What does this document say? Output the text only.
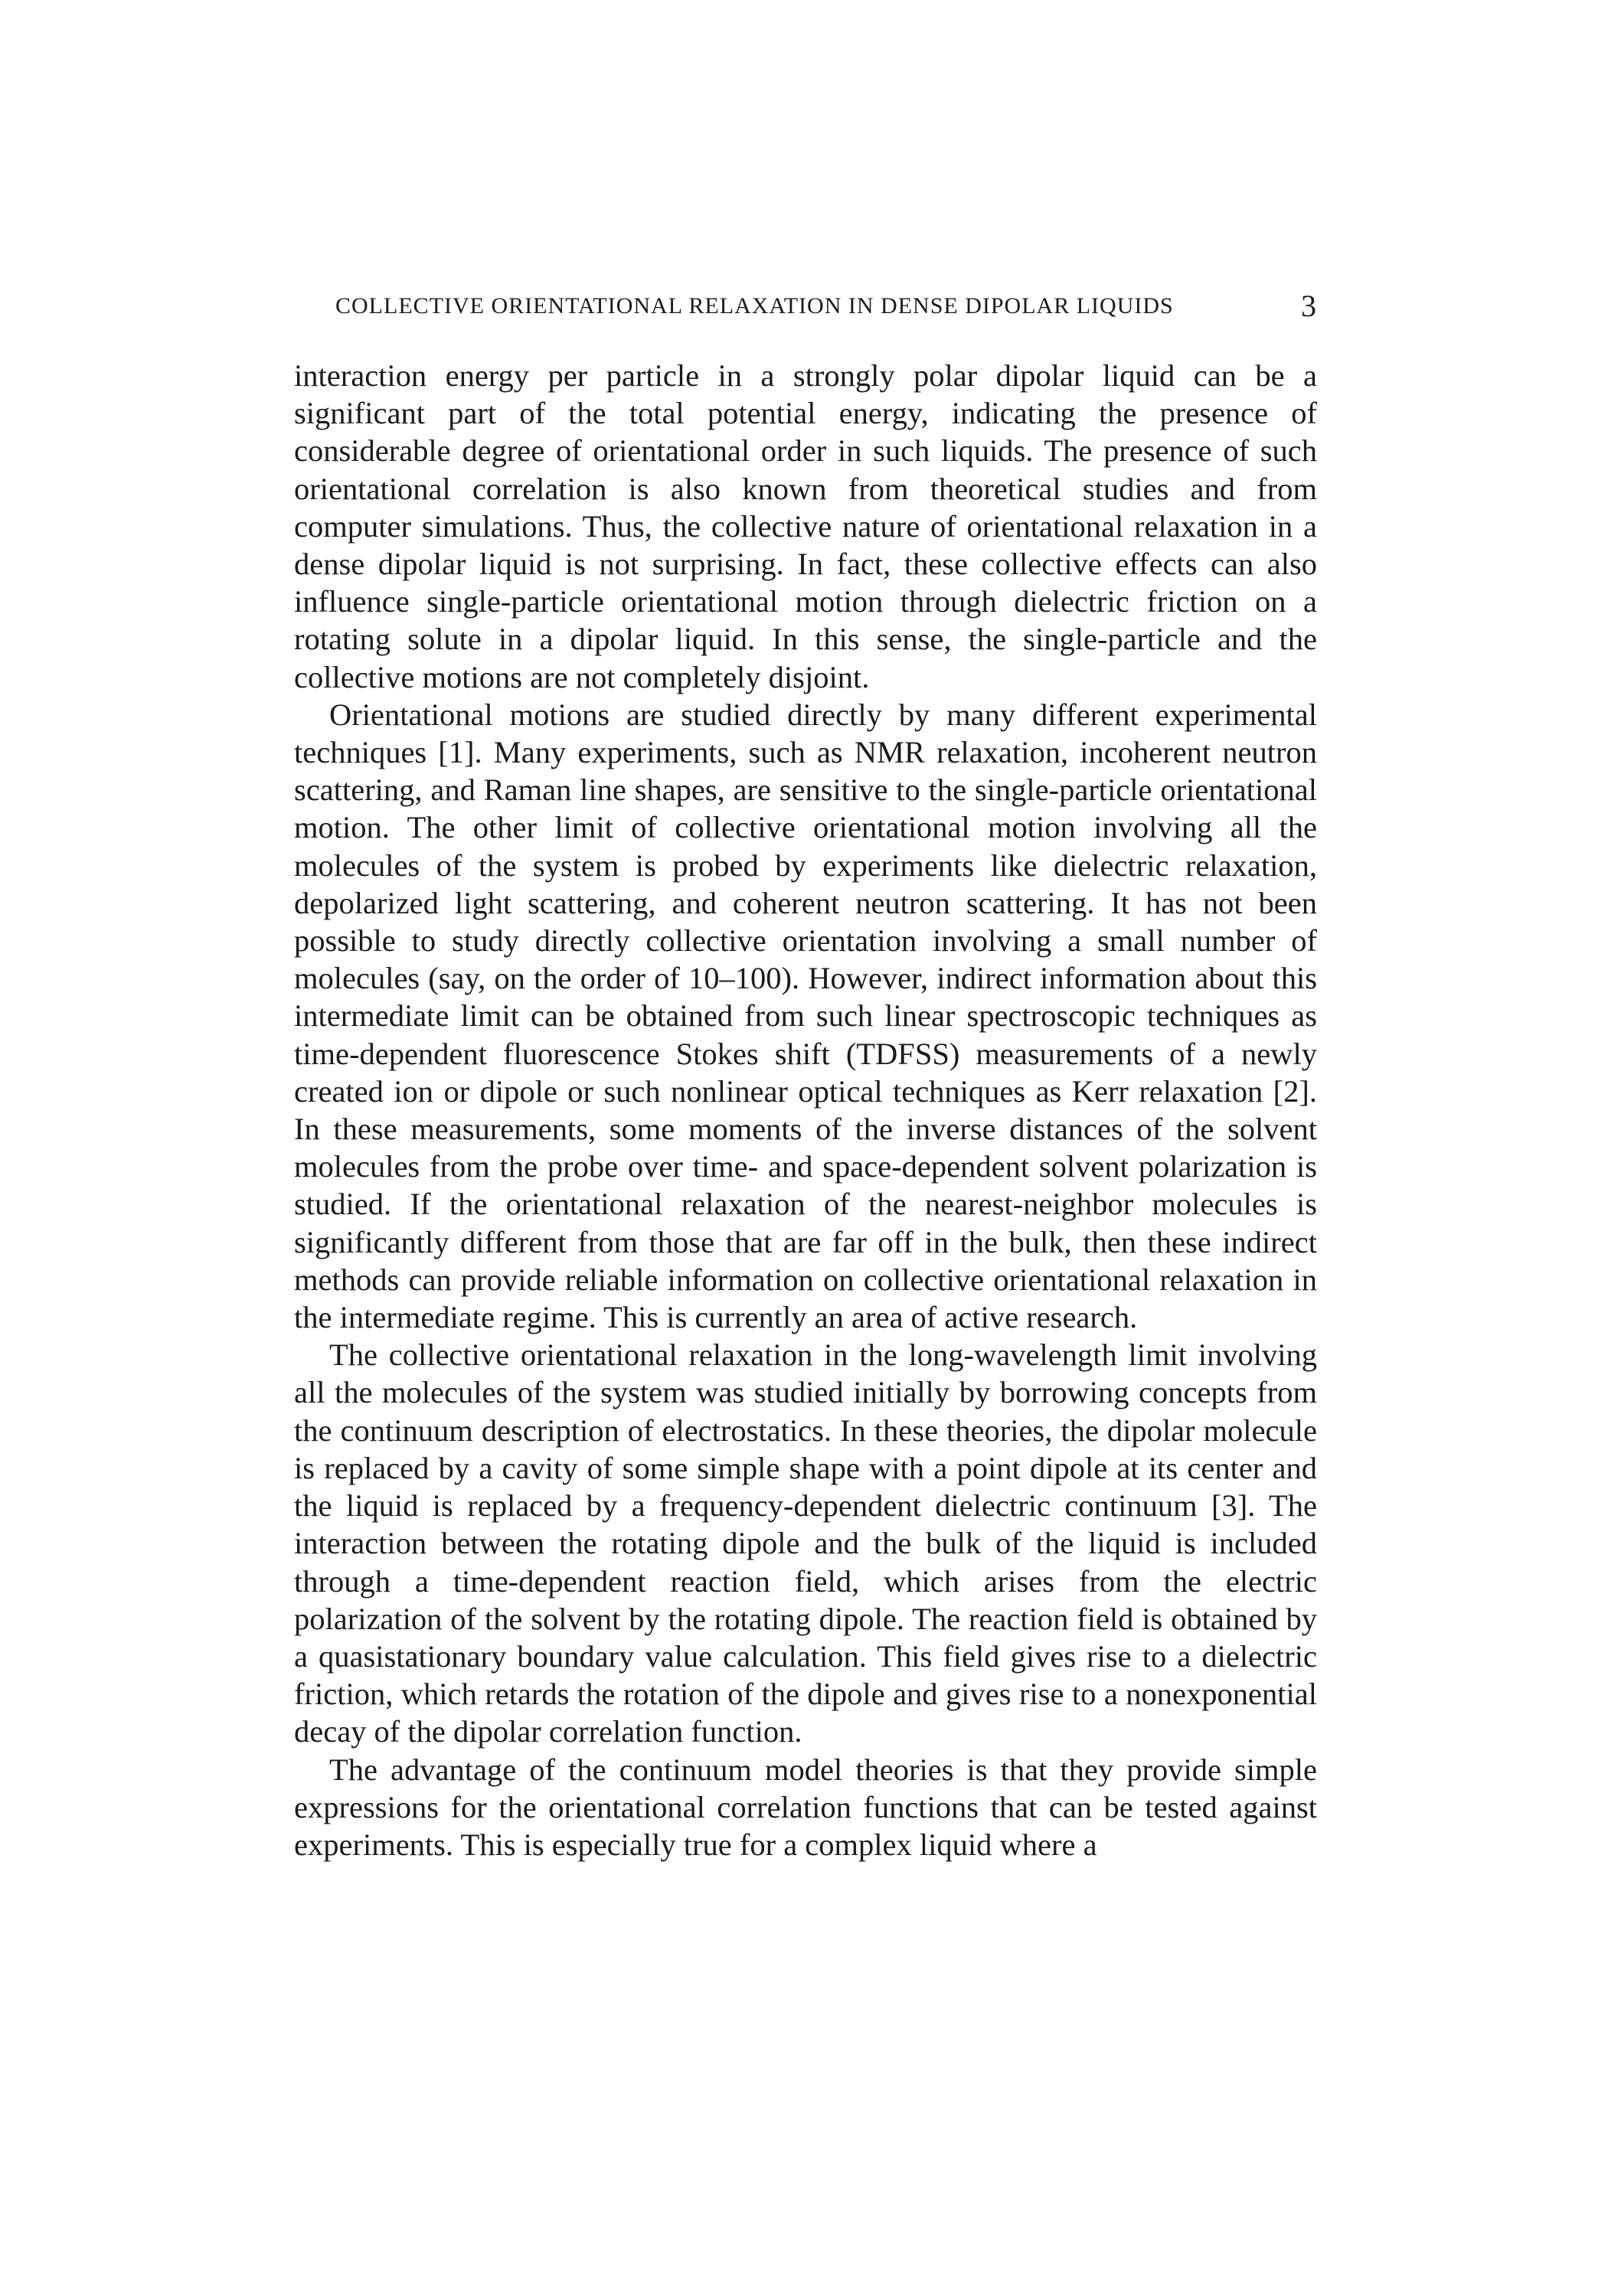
COLLECTIVE ORIENTATIONAL RELAXATION IN DENSE DIPOLAR LIQUIDS	3

interaction energy per particle in a strongly polar dipolar liquid can be a significant part of the total potential energy, indicating the presence of considerable degree of orientational order in such liquids. The presence of such orientational correlation is also known from theoretical studies and from computer simulations. Thus, the collective nature of orientational relaxation in a dense dipolar liquid is not surprising. In fact, these collective effects can also influence single-particle orientational motion through dielectric friction on a rotating solute in a dipolar liquid. In this sense, the single-particle and the collective motions are not completely disjoint.

Orientational motions are studied directly by many different experimental techniques [1]. Many experiments, such as NMR relaxation, incoherent neutron scattering, and Raman line shapes, are sensitive to the single-particle orientational motion. The other limit of collective orientational motion involving all the molecules of the system is probed by experiments like dielectric relaxation, depolarized light scattering, and coherent neutron scattering. It has not been possible to study directly collective orientation involving a small number of molecules (say, on the order of 10–100). However, indirect information about this intermediate limit can be obtained from such linear spectroscopic techniques as time-dependent fluorescence Stokes shift (TDFSS) measurements of a newly created ion or dipole or such nonlinear optical techniques as Kerr relaxation [2]. In these measurements, some moments of the inverse distances of the solvent molecules from the probe over time- and space-dependent solvent polarization is studied. If the orientational relaxation of the nearest-neighbor molecules is significantly different from those that are far off in the bulk, then these indirect methods can provide reliable information on collective orientational relaxation in the intermediate regime. This is currently an area of active research.

The collective orientational relaxation in the long-wavelength limit involving all the molecules of the system was studied initially by borrowing concepts from the continuum description of electrostatics. In these theories, the dipolar molecule is replaced by a cavity of some simple shape with a point dipole at its center and the liquid is replaced by a frequency-dependent dielectric continuum [3]. The interaction between the rotating dipole and the bulk of the liquid is included through a time-dependent reaction field, which arises from the electric polarization of the solvent by the rotating dipole. The reaction field is obtained by a quasistationary boundary value calculation. This field gives rise to a dielectric friction, which retards the rotation of the dipole and gives rise to a nonexponential decay of the dipolar correlation function.

The advantage of the continuum model theories is that they provide simple expressions for the orientational correlation functions that can be tested against experiments. This is especially true for a complex liquid where a
